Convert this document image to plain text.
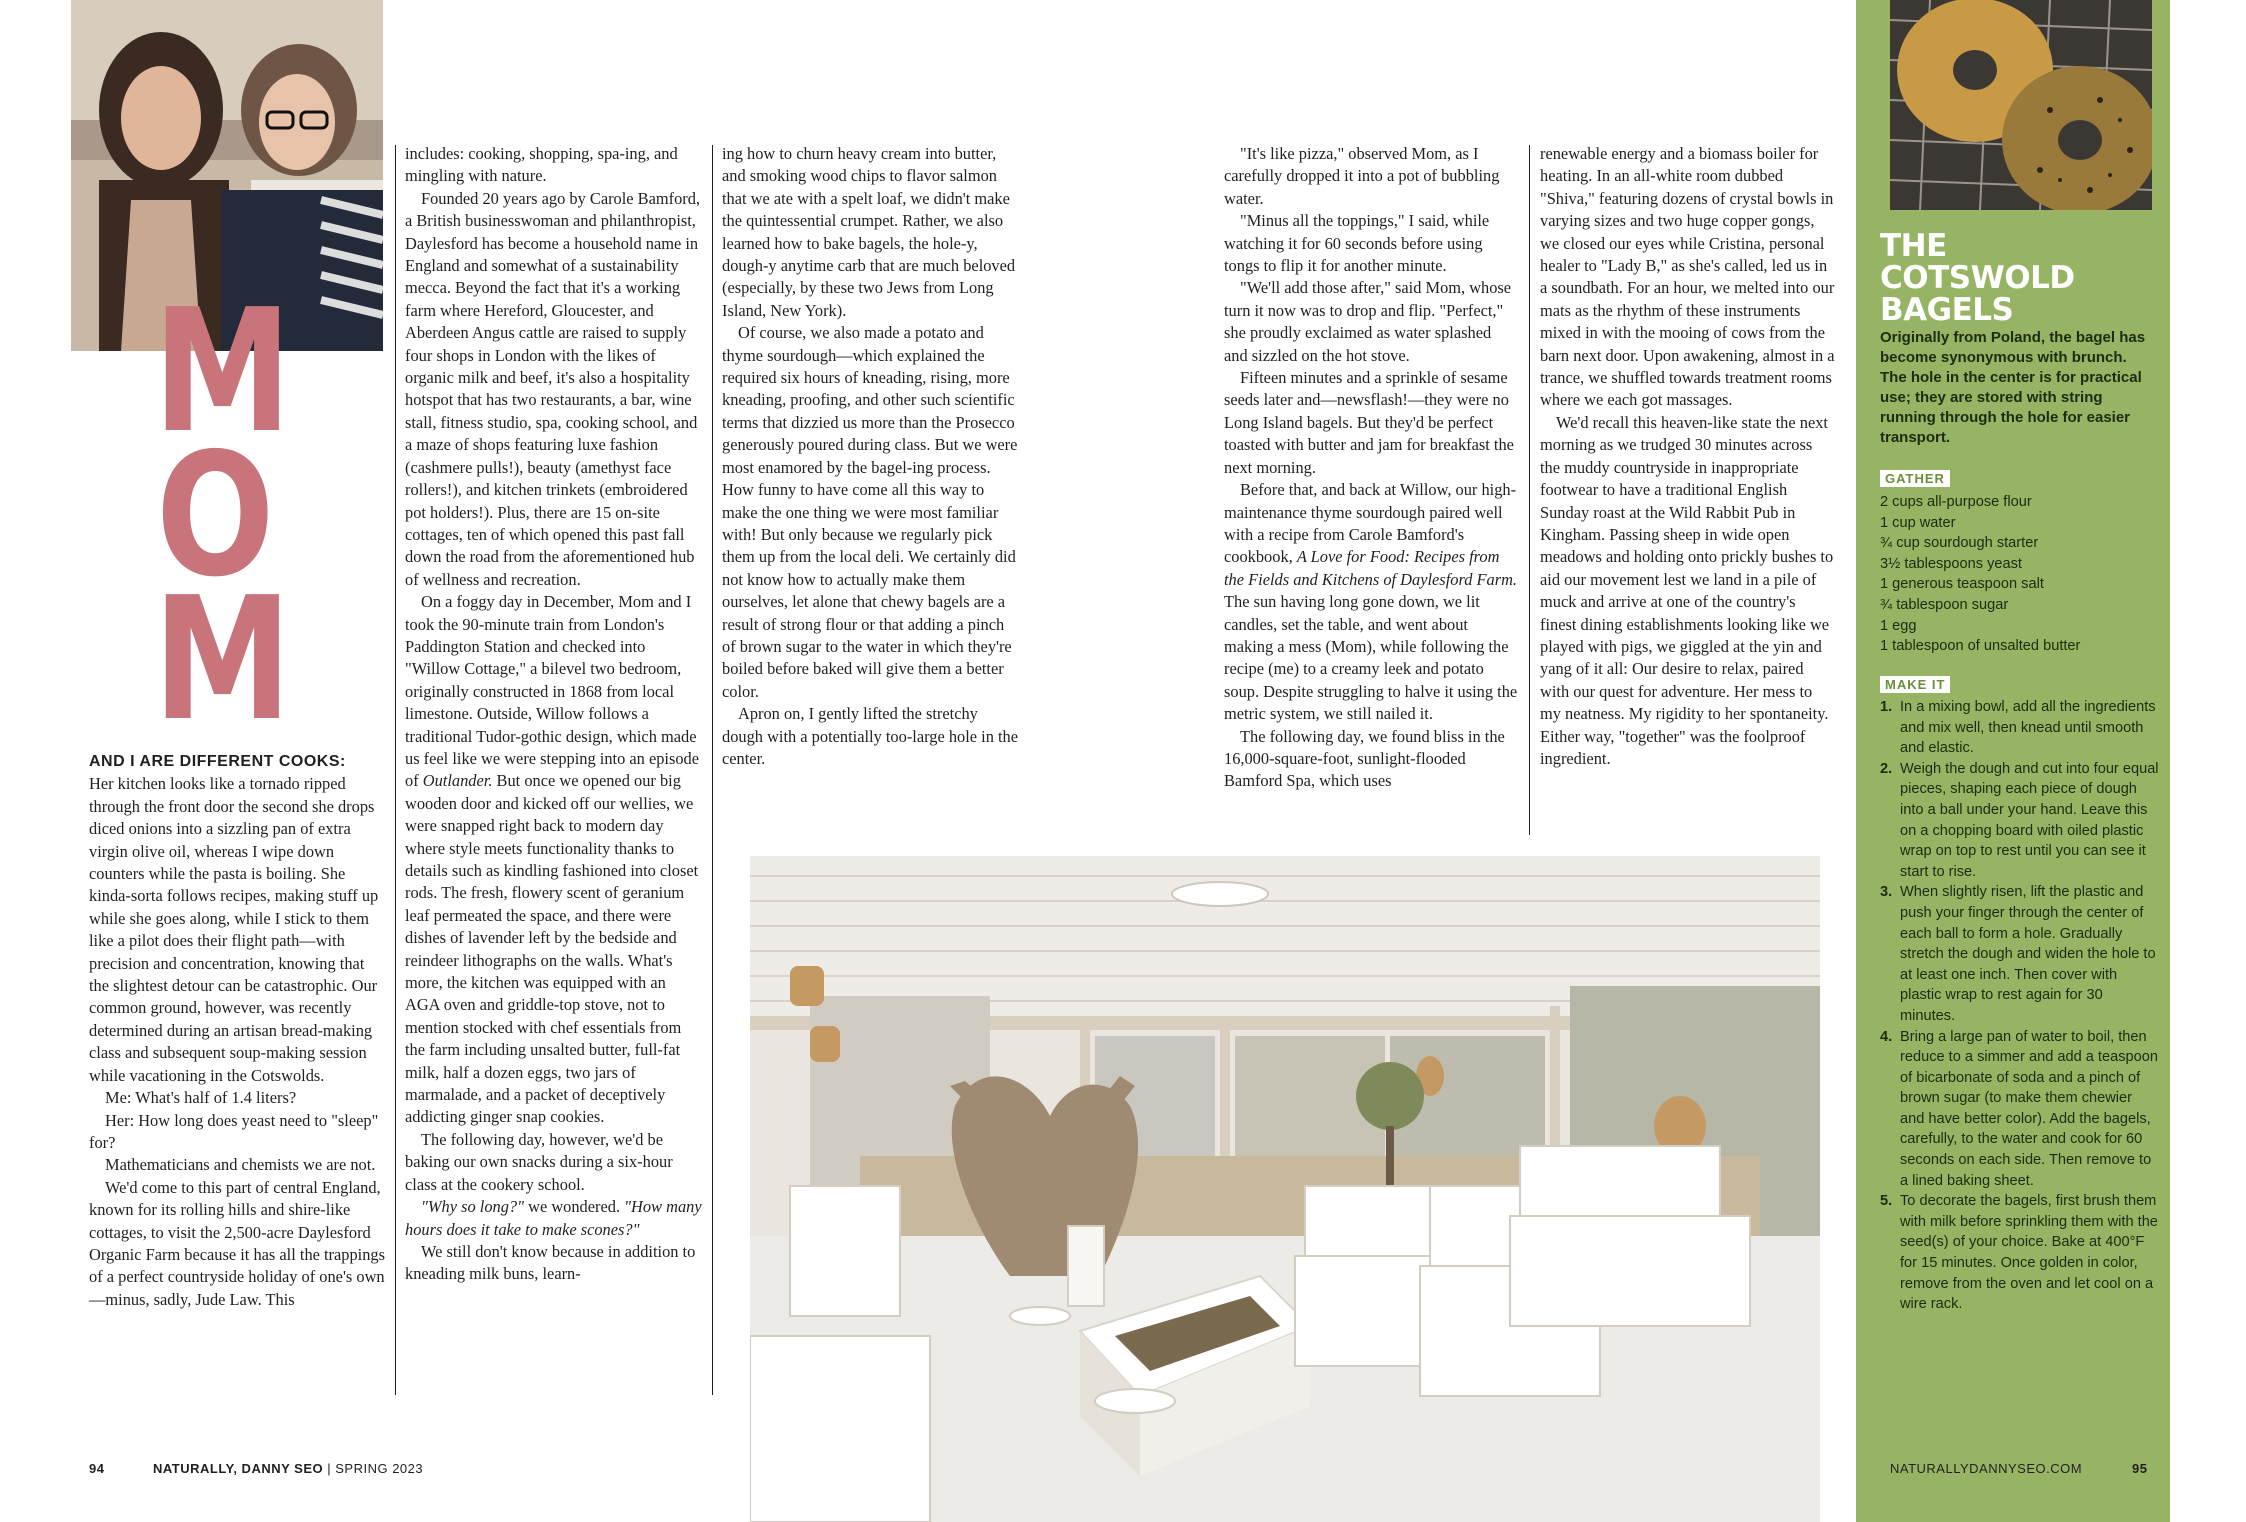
M
O
M

AND I ARE DIFFERENT COOKS:

Her kitchen looks like a tornado ripped through the front door the second she drops diced onions into a sizzling pan of extra virgin olive oil, whereas I wipe down counters while the pasta is boiling. She kinda-sorta follows recipes, making stuff up while she goes along, while I stick to them like a pilot does their flight path—with precision and concentration, knowing that the slightest detour can be catastrophic. Our common ground, however, was recently determined during an artisan bread-making class and subsequent soup-making session while vacationing in the Cotswolds.

Me: What's half of 1.4 liters?

Her: How long does yeast need to "sleep" for?

Mathematicians and chemists we are not.

We'd come to this part of central England, known for its rolling hills and shire-like cottages, to visit the 2,500-acre Daylesford Organic Farm because it has all the trappings of a perfect countryside holiday of one's own—minus, sadly, Jude Law. This

includes: cooking, shopping, spa-ing, and mingling with nature.

Founded 20 years ago by Carole Bamford, a British businesswoman and philanthropist, Daylesford has become a household name in England and somewhat of a sustainability mecca. Beyond the fact that it's a working farm where Hereford, Gloucester, and Aberdeen Angus cattle are raised to supply four shops in London with the likes of organic milk and beef, it's also a hospitality hotspot that has two restaurants, a bar, wine stall, fitness studio, spa, cooking school, and a maze of shops featuring luxe fashion (cashmere pulls!), beauty (amethyst face rollers!), and kitchen trinkets (embroidered pot holders!). Plus, there are 15 on-site cottages, ten of which opened this past fall down the road from the aforementioned hub of wellness and recreation.

On a foggy day in December, Mom and I took the 90-minute train from London's Paddington Station and checked into "Willow Cottage," a bilevel two bedroom, originally constructed in 1868 from local limestone. Outside, Willow follows a traditional Tudor-gothic design, which made us feel like we were stepping into an episode of Outlander. But once we opened our big wooden door and kicked off our wellies, we were snapped right back to modern day where style meets functionality thanks to details such as kindling fashioned into closet rods. The fresh, flowery scent of geranium leaf permeated the space, and there were dishes of lavender left by the bedside and reindeer lithographs on the walls. What's more, the kitchen was equipped with an AGA oven and griddle-top stove, not to mention stocked with chef essentials from the farm including unsalted butter, full-fat milk, half a dozen eggs, two jars of marmalade, and a packet of deceptively addicting ginger snap cookies.

The following day, however, we'd be baking our own snacks during a six-hour class at the cookery school.

"Why so long?" we wondered. "How many hours does it take to make scones?"

We still don't know because in addition to kneading milk buns, learn-

ing how to churn heavy cream into butter, and smoking wood chips to flavor salmon that we ate with a spelt loaf, we didn't make the quintessential crumpet. Rather, we also learned how to bake bagels, the hole-y, dough-y anytime carb that are much beloved (especially, by these two Jews from Long Island, New York).

Of course, we also made a potato and thyme sourdough—which explained the required six hours of kneading, rising, more kneading, proofing, and other such scientific terms that dizzied us more than the Prosecco generously poured during class. But we were most enamored by the bagel-ing process. How funny to have come all this way to make the one thing we were most familiar with! But only because we regularly pick them up from the local deli. We certainly did not know how to actually make them ourselves, let alone that chewy bagels are a result of strong flour or that adding a pinch of brown sugar to the water in which they're boiled before baked will give them a better color.

Apron on, I gently lifted the stretchy dough with a potentially too-large hole in the center.

"It's like pizza," observed Mom, as I carefully dropped it into a pot of bubbling water.

"Minus all the toppings," I said, while watching it for 60 seconds before using tongs to flip it for another minute.

"We'll add those after," said Mom, whose turn it now was to drop and flip. "Perfect," she proudly exclaimed as water splashed and sizzled on the hot stove.

Fifteen minutes and a sprinkle of sesame seeds later and—newsflash!—they were no Long Island bagels. But they'd be perfect toasted with butter and jam for breakfast the next morning.

Before that, and back at Willow, our high-maintenance thyme sourdough paired well with a recipe from Carole Bamford's cookbook, A Love for Food: Recipes from the Fields and Kitchens of Daylesford Farm. The sun having long gone down, we lit candles, set the table, and went about making a mess (Mom), while following the recipe (me) to a creamy leek and potato soup. Despite struggling to halve it using the metric system, we still nailed it.

The following day, we found bliss in the 16,000-square-foot, sunlight-flooded Bamford Spa, which uses

renewable energy and a biomass boiler for heating. In an all-white room dubbed "Shiva," featuring dozens of crystal bowls in varying sizes and two huge copper gongs, we closed our eyes while Cristina, personal healer to "Lady B," as she's called, led us in a soundbath. For an hour, we melted into our mats as the rhythm of these instruments mixed in with the mooing of cows from the barn next door. Upon awakening, almost in a trance, we shuffled towards treatment rooms where we each got massages.

We'd recall this heaven-like state the next morning as we trudged 30 minutes across the muddy countryside in inappropriate footwear to have a traditional English Sunday roast at the Wild Rabbit Pub in Kingham. Passing sheep in wide open meadows and holding onto prickly bushes to aid our movement lest we land in a pile of muck and arrive at one of the country's finest dining establishments looking like we played with pigs, we giggled at the yin and yang of it all: Our desire to relax, paired with our quest for adventure. Her mess to my neatness. My rigidity to her spontaneity. Either way, "together" was the foolproof ingredient.

94	NATURALLY, DANNY SEO | SPRING 2023
THE COTSWOLD BAGELS
Originally from Poland, the bagel has become synonymous with brunch. The hole in the center is for practical use; they are stored with string running through the hole for easier transport.
GATHER
2 cups all-purpose flour
1 cup water
¾ cup sourdough starter
3½ tablespoons yeast
1 generous teaspoon salt
¾ tablespoon sugar
1 egg
1 tablespoon of unsalted butter
MAKE IT
1. In a mixing bowl, add all the ingredients and mix well, then knead until smooth and elastic.
2. Weigh the dough and cut into four equal pieces, shaping each piece of dough into a ball under your hand. Leave this on a chopping board with oiled plastic wrap on top to rest until you can see it start to rise.
3. When slightly risen, lift the plastic and push your finger through the center of each ball to form a hole. Gradually stretch the dough and widen the hole to at least one inch. Then cover with plastic wrap to rest again for 30 minutes.
4. Bring a large pan of water to boil, then reduce to a simmer and add a teaspoon of bicarbonate of soda and a pinch of brown sugar (to make them chewier and have better color). Add the bagels, carefully, to the water and cook for 60 seconds on each side. Then remove to a lined baking sheet.
5. To decorate the bagels, first brush them with milk before sprinkling them with the seed(s) of your choice. Bake at 400°F for 15 minutes. Once golden in color, remove from the oven and let cool on a wire rack.
NATURALLYDANNYSEO.COM	95
